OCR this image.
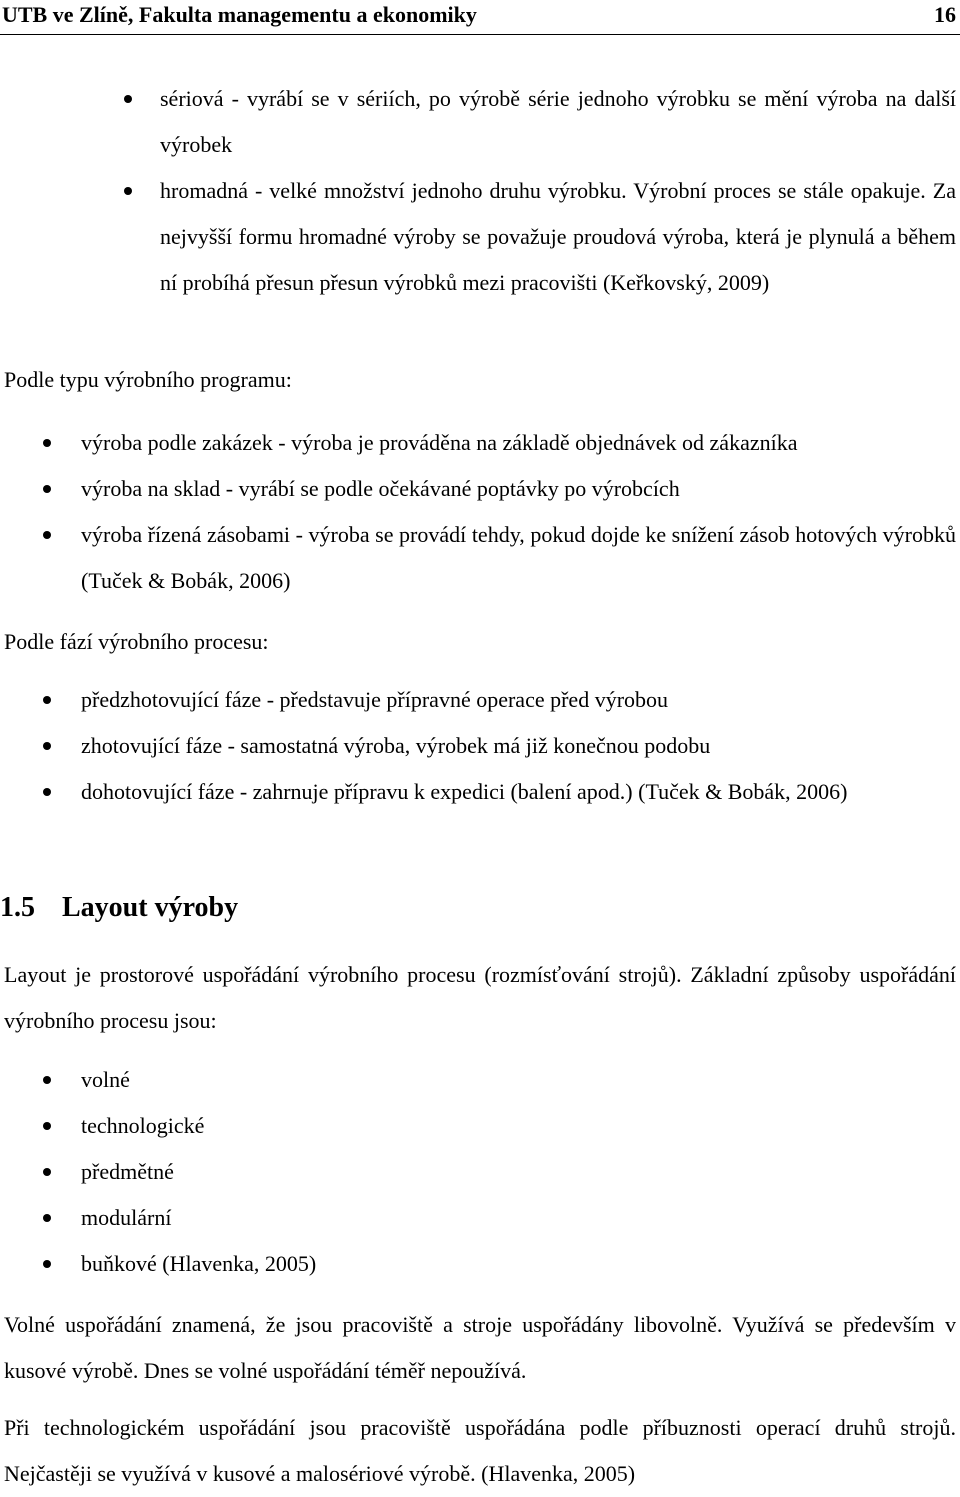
UTB ve Zlíně, Fakulta managementu a ekonomiky	16
sériová - vyrábí se v sériích, po výrobě série jednoho výrobku se mění výroba na další výrobek
hromadná - velké množství jednoho druhu výrobku. Výrobní proces se stále opakuje. Za nejvyšší formu hromadné výroby se považuje proudová výroba, která je plynulá a během ní probíhá přesun přesun výrobků mezi pracovišti (Keřkovský, 2009)
Podle typu výrobního programu:
výroba podle zakázek - výroba je prováděna na základě objednávek od zákazníka
výroba na sklad - vyrábí se podle očekávané poptávky po výrobcích
výroba řízená zásobami - výroba se provádí tehdy, pokud dojde ke snížení zásob hotových výrobků (Tuček & Bobák, 2006)
Podle fází výrobního procesu:
předzhotovující fáze - představuje přípravné operace před výrobou
zhotovující fáze - samostatná výroba, výrobek má již konečnou podobu
dohotovující fáze - zahrnuje přípravu k expedici (balení apod.) (Tuček & Bobák, 2006)
1.5 Layout výroby
Layout je prostorové uspořádání výrobního procesu (rozmísťování strojů). Základní způsoby uspořádání výrobního procesu jsou:
volné
technologické
předmětné
modulární
buňkové (Hlavenka, 2005)
Volné uspořádání znamená, že jsou pracoviště a stroje uspořádány libovolně. Využívá se především v kusové výrobě. Dnes se volné uspořádání téměř nepoužívá.
Při technologickém uspořádání jsou pracoviště uspořádána podle příbuznosti operací druhů strojů. Nejčastěji se využívá v kusové a malosériové výrobě. (Hlavenka, 2005)
